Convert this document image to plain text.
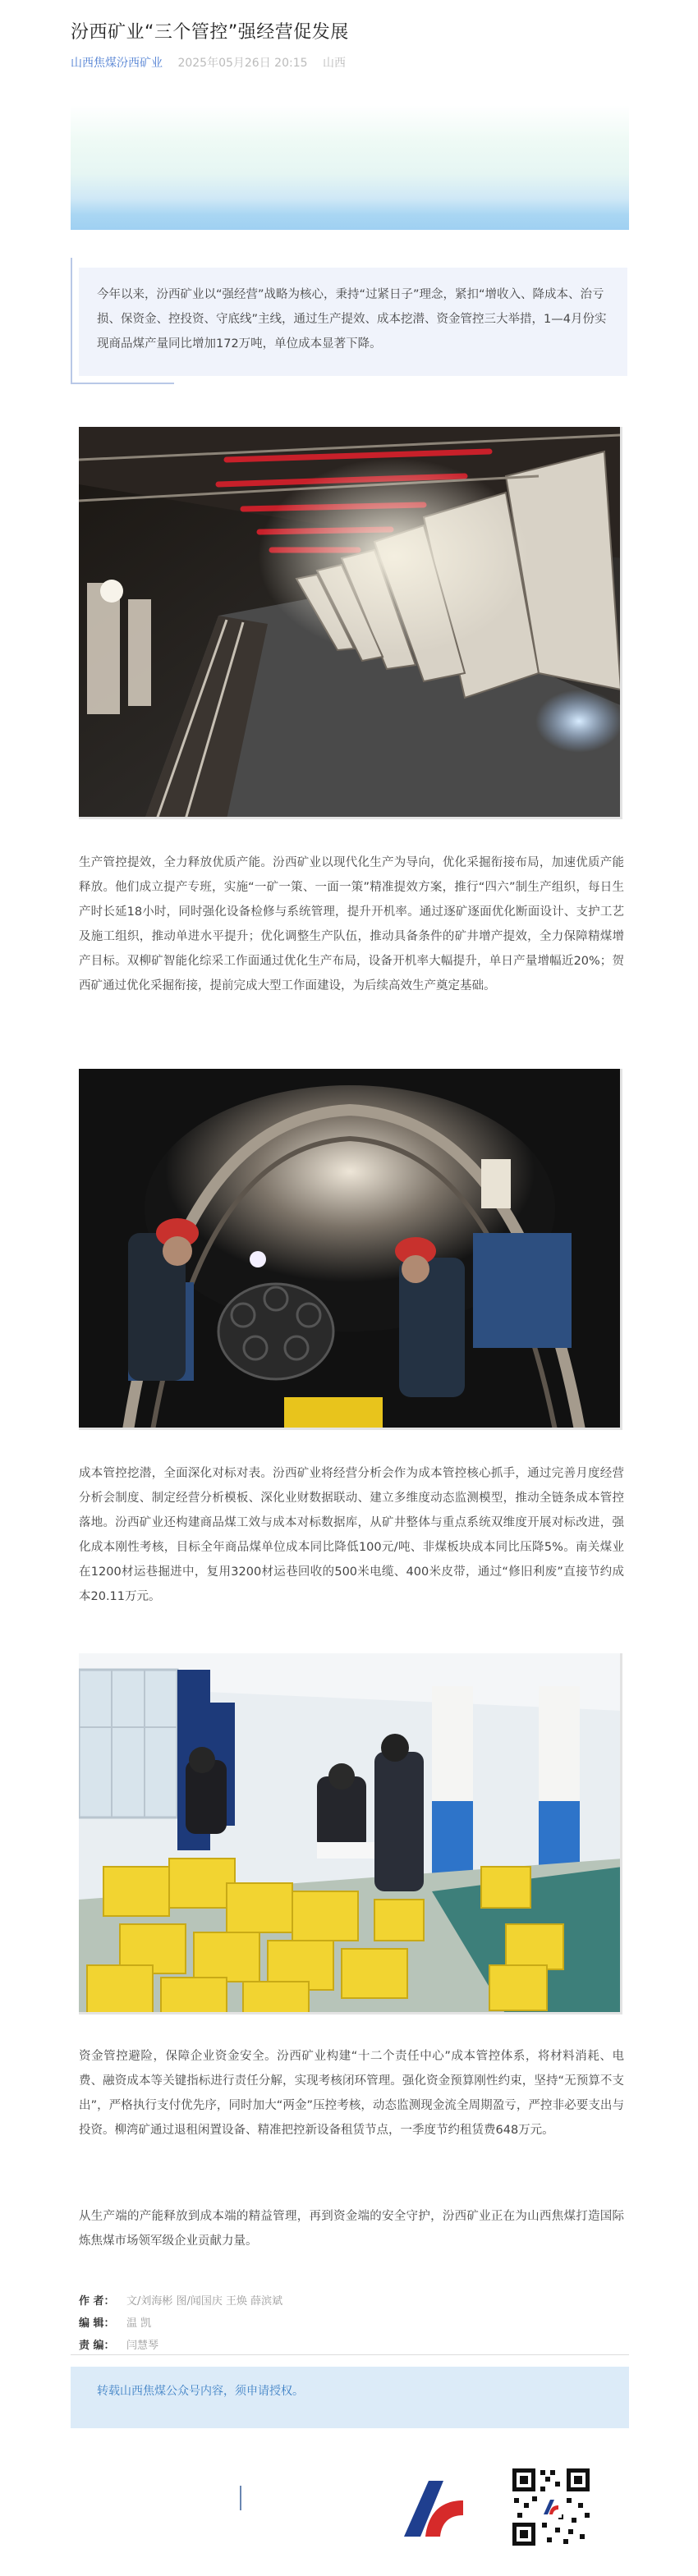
汾西矿业“三个管控”强经营促发展
山西焦煤汾西矿业 2025年05月26日 20:15 山西
今年以来，汾西矿业以“强经营”战略为核心，秉持“过紧日子”理念，紧扣“增收入、降成本、治亏损、保资金、控投资、守底线”主线，通过生产提效、成本挖潜、资金管控三大举措，1—4月份实现商品煤产量同比增加172万吨，单位成本显著下降。

生产管控提效，全力释放优质产能。汾西矿业以现代化生产为导向，优化采掘衔接布局，加速优质产能释放。他们成立提产专班，实施“一矿一策、一面一策”精准提效方案，推行“四六”制生产组织，每日生产时长延18小时，同时强化设备检修与系统管理，提升开机率。通过逐矿逐面优化断面设计、支护工艺及施工组织，推动单进水平提升；优化调整生产队伍，推动具备条件的矿井增产提效，全力保障精煤增产目标。双柳矿智能化综采工作面通过优化生产布局，设备开机率大幅提升，单日产量增幅近20%；贺西矿通过优化采掘衔接，提前完成大型工作面建设，为后续高效生产奠定基础。

成本管控挖潜，全面深化对标对表。汾西矿业将经营分析会作为成本管控核心抓手，通过完善月度经营分析会制度、制定经营分析模板、深化业财数据联动、建立多维度动态监测模型，推动全链条成本管控落地。汾西矿业还构建商品煤工效与成本对标数据库，从矿井整体与重点系统双维度开展对标改进，强化成本刚性考核，目标全年商品煤单位成本同比降低100元/吨、非煤板块成本同比压降5%。南关煤业在1200材运巷掘进中，复用3200材运巷回收的500米电缆、400米皮带，通过“修旧利废”直接节约成本20.11万元。

资金管控避险，保障企业资金安全。汾西矿业构建“十二个责任中心”成本管控体系，将材料消耗、电费、融资成本等关键指标进行责任分解，实现考核闭环管理。强化资金预算刚性约束，坚持“无预算不支出”，严格执行支付优先序，同时加大“两金”压控考核，动态监测现金流全周期盈亏，严控非必要支出与投资。柳湾矿通过退租闲置设备、精准把控新设备租赁节点，一季度节约租赁费648万元。

从生产端的产能释放到成本端的精益管理，再到资金端的安全守护，汾西矿业正在为山西焦煤打造国际炼焦煤市场领军级企业贡献力量。

作 者：	文/刘海彬 图/闻国庆 王焕 薛滨斌
编 辑：	温 凯
责 编：	闫慧琴
转载山西焦煤公众号内容，须申请授权。
